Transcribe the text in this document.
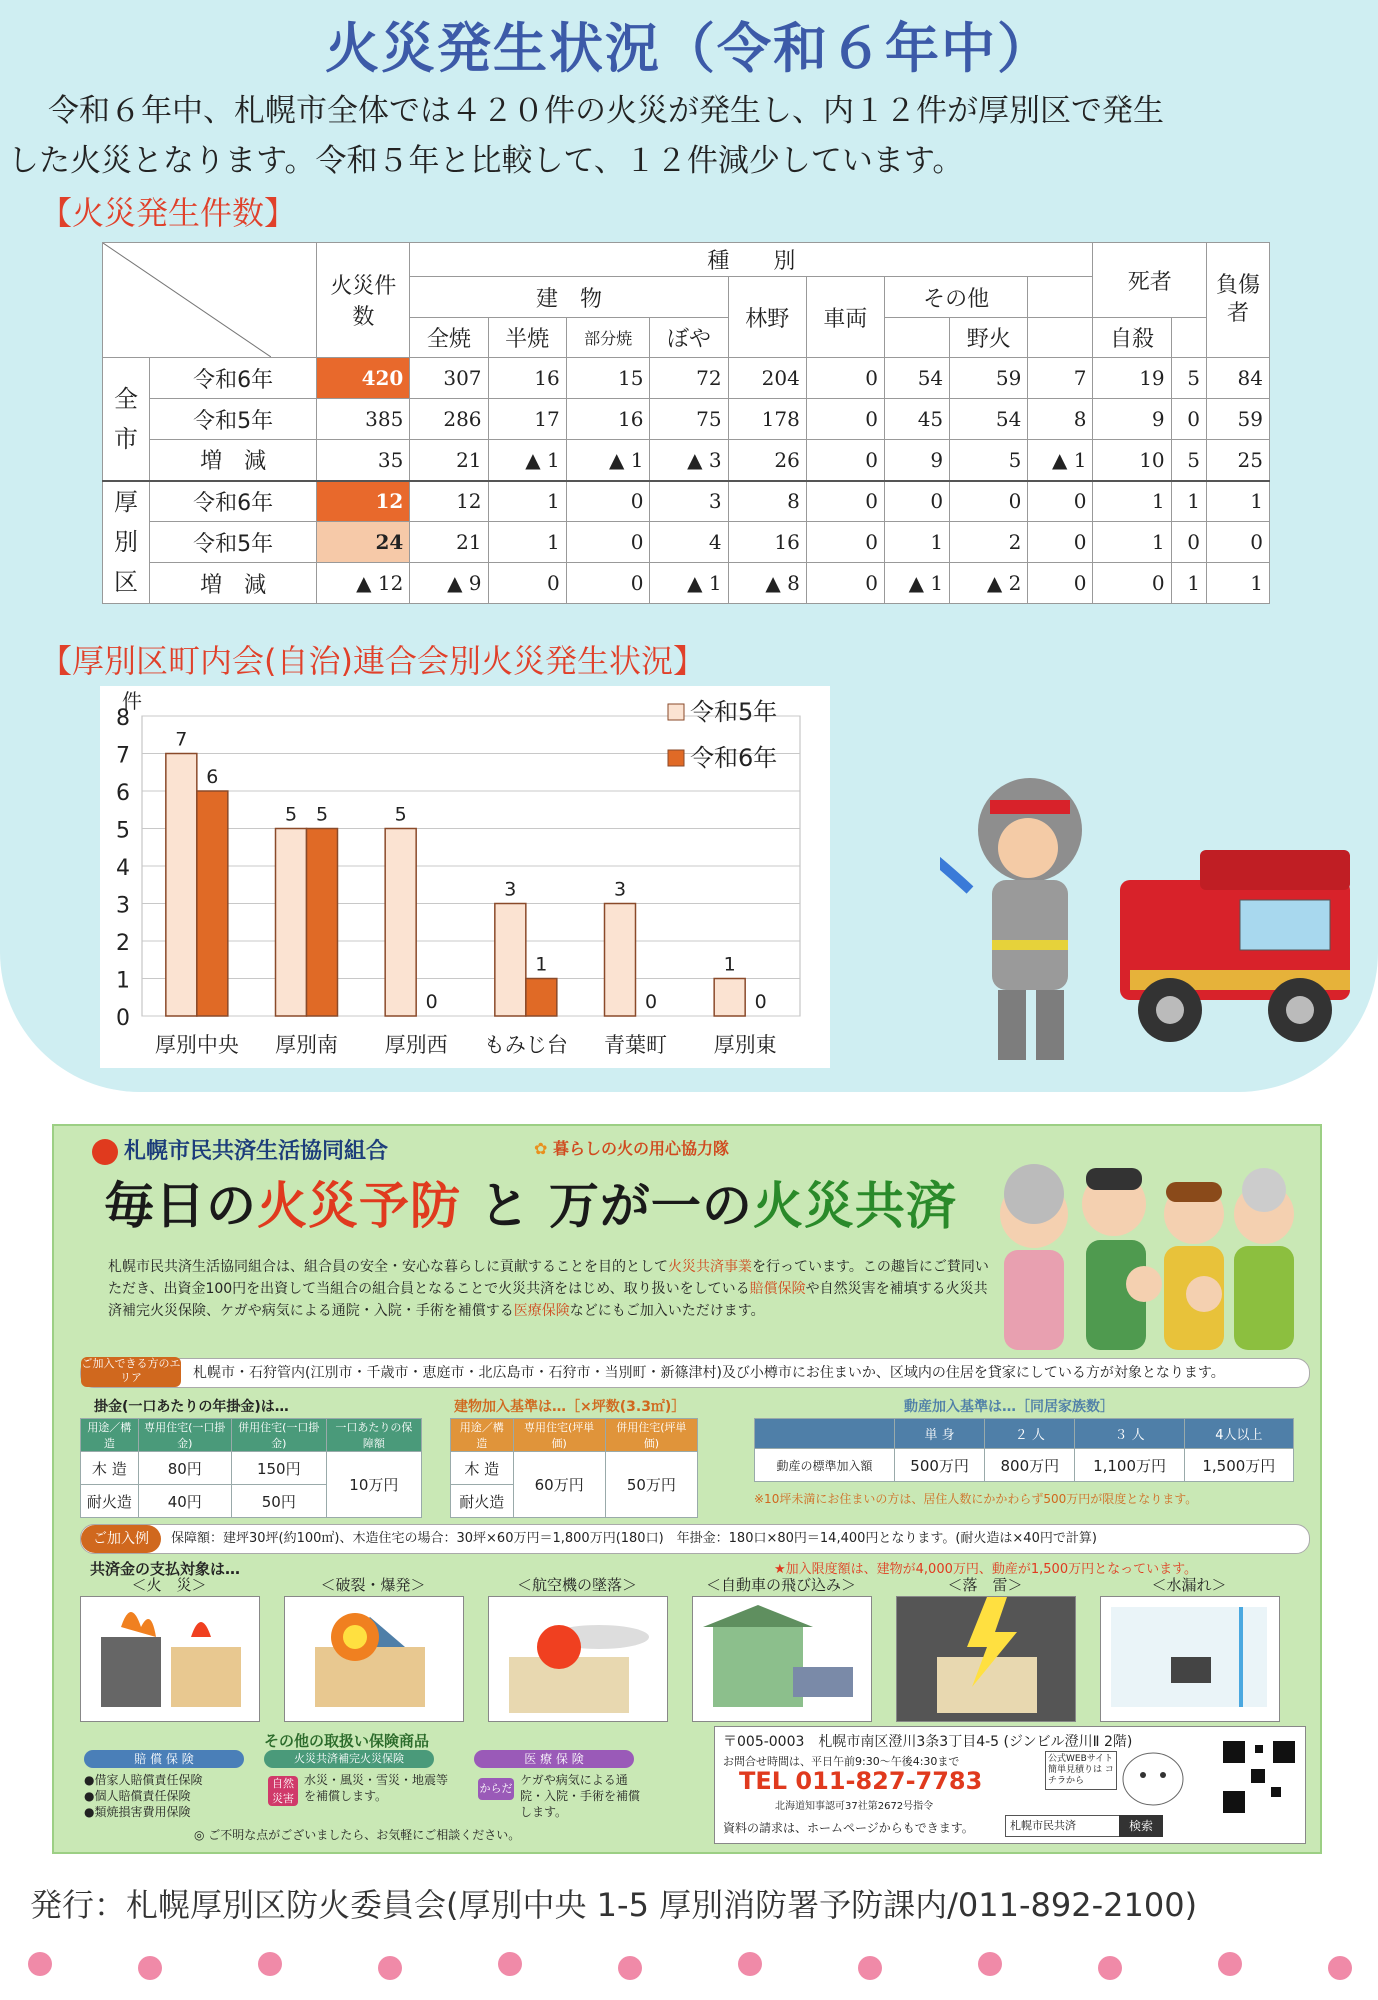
火災発生状況（令和６年中）
令和６年中、札幌市全体では４２０件の火災が発生し、内１２件が厚別区で発生
した火災となります。令和５年と比較して、１２件減少しています。
【火災発生件数】
	火災件数	種　　別									死者		負傷者
			建　物				林野	車両	その他					
			全焼	半焼	部分焼	ぼや				野火		自殺		
全
市	令和6年	420	307	16	15	72	204	0	54	59	7	19	5	84
	令和5年	385	286	17	16	75	178	0	45	54	8	9	0	59
	増　減	35	21	▲ 1	▲ 1	▲ 3	26	0	9	5	▲ 1	10	5	25
厚
別
区	令和6年	12	12	1	0	3	8	0	0	0	0	1	1	1
	令和5年	24	21	1	0	4	16	0	1	2	0	1	0	0
	増　減	▲ 12	▲ 9	0	0	▲ 1	▲ 8	0	▲ 1	▲ 2	0	0	1	1
【厚別区町内会(自治)連合会別火災発生状況】
0
1
2
3
4
5
6
7
8
件
7
6
厚別中央
5 5
厚別南
5
0
厚別西
3
1
もみじ台
3
0
青葉町
1
0
厚別東
令和5年
令和6年
札幌市民共済生活協同組合	✿ 暮らしの火の用心協力隊
毎日の火災予防 と 万が一の火災共済
札幌市民共済生活協同組合は、組合員の安全・安心な暮らしに貢献することを目的として火災共済事業を行っています。この趣旨にご賛同いただき、出資金100円を出資して当組合の組合員となることで火災共済をはじめ、取り扱いをしている賠償保険や自然災害を補填する火災共済補完火災保険、ケガや病気による通院・入院・手術を補償する医療保険などにもご加入いただけます。
ご加入できる方のエリア	札幌市・石狩管内(江別市・千歳市・恵庭市・北広島市・石狩市・当別町・新篠津村)及び小樽市にお住まいか、区域内の住居を貸家にしている方が対象となります。
掛金(一口あたりの年掛金)は…
用途／構造	専用住宅(一口掛金)	併用住宅(一口掛金)	一口あたりの保障額
木 造	80円	150円	10万円
耐火造	40円	50円	
建物加入基準は…［×坪数(3.3㎡)］
用途／構造	専用住宅(坪単価)	併用住宅(坪単価)
木 造	60万円	50万円
耐火造		
動産加入基準は…［同居家族数］
	単 身	２ 人	３ 人	4人以上
動産の標準加入額	500万円	800万円	1,100万円	1,500万円
※10坪未満にお住まいの方は、居住人数にかかわらず500万円が限度となります。
ご加入例	保障額：建坪30坪(約100㎡)、木造住宅の場合：30坪×60万円＝1,800万円(180口)　年掛金：180口×80円＝14,400円となります。(耐火造は×40円で計算)
共済金の支払対象は…	★加入限度額は、建物が4,000万円、動産が1,500万円となっています。
＜火　災＞	＜破裂・爆発＞	＜航空機の墜落＞	＜自動車の飛び込み＞	＜落　雷＞	＜水漏れ＞
その他の取扱い保険商品
賠 償 保 険
●借家人賠償責任保険
●個人賠償責任保険
●類焼損害費用保険
火災共済補完火災保険
自然災害
水災・風災・雪災・地震等を補償します。
医 療 保 険
からだ
ケガや病気による通院・入院・手術を補償します。
◎ ご不明な点がございましたら、お気軽にご相談ください。
〒005-0003　札幌市南区澄川3条3丁目4-5 (ジンビル澄川Ⅱ 2階)
お問合せ時間は、平日午前9:30～午後4:30まで
TEL 011-827-7783
北海道知事認可37社第2672号指令
資料の請求は、ホームページからもできます。	札幌市民共済	検索
公式WEBサイト 簡単見積りは コチラから
発行：札幌厚別区防火委員会(厚別中央 1-5 厚別消防署予防課内/011-892-2100)
